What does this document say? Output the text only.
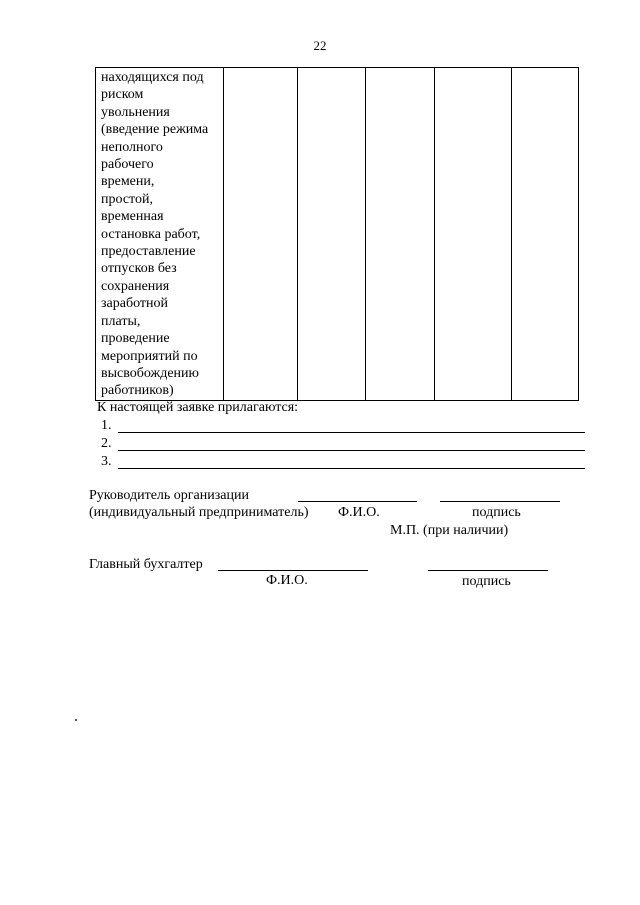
22
находящихся под
риском
увольнения
(введение режима
неполного
рабочего
времени,
простой,
временная
остановка работ,
предоставление
отпусков без
сохранения
заработной
платы,
проведение
мероприятий по
высвобождению
работников)

К настоящей заявке прилагаются:
1.
2.
3.
Руководитель организации
(индивидуальный предприниматель) Ф.И.О.	подпись
М.П. (при наличии)
Главный бухгалтер
Ф.И.О.	подпись
